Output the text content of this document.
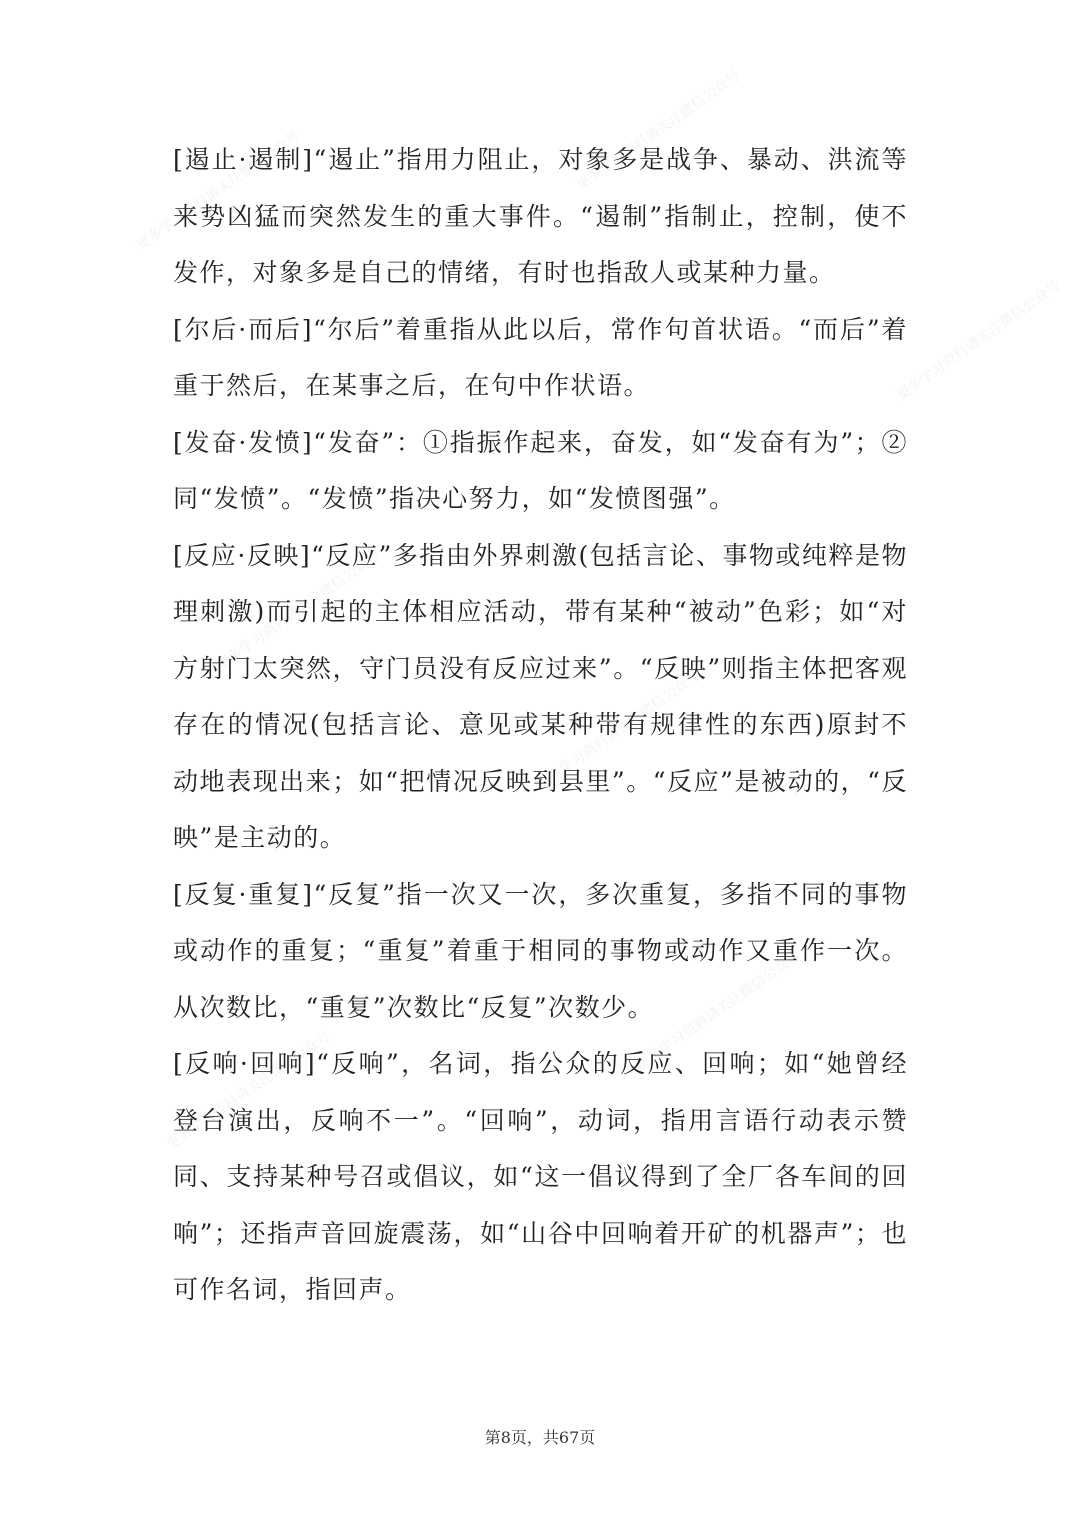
更多学习资料请关注微信公众号	更多学习资料请关注微信公众号
更多学习资料请关注微信公众号
更多学习资料请关注微信公众号
更多学习资料请关注微信公众号
更多学习资料请关注微信公众号
更多学习资料请关注微信公众号

[遏止·遏制]“遏止”指用力阻止，对象多是战争、暴动、洪流等来势凶猛而突然发生的重大事件。“遏制”指制止，控制，使不发作，对象多是自己的情绪，有时也指敌人或某种力量。

[尔后·而后]“尔后”着重指从此以后，常作句首状语。“而后”着重于然后，在某事之后，在句中作状语。

[发奋·发愤]“发奋”：①指振作起来，奋发，如“发奋有为”；②同“发愤”。“发愤”指决心努力，如“发愤图强”。

[反应·反映]“反应”多指由外界刺激(包括言论、事物或纯粹是物理刺激)而引起的主体相应活动，带有某种“被动”色彩；如“对方射门太突然，守门员没有反应过来”。“反映”则指主体把客观存在的情况(包括言论、意见或某种带有规律性的东西)原封不动地表现出来；如“把情况反映到县里”。“反应”是被动的，“反映”是主动的。

[反复·重复]“反复”指一次又一次，多次重复，多指不同的事物或动作的重复；“重复”着重于相同的事物或动作又重作一次。从次数比，“重复”次数比“反复”次数少。

[反响·回响]“反响”，名词，指公众的反应、回响；如“她曾经登台演出，反响不一”。“回响”，动词，指用言语行动表示赞同、支持某种号召或倡议，如“这一倡议得到了全厂各车间的回响”；还指声音回旋震荡，如“山谷中回响着开矿的机器声”；也可作名词，指回声。

第8页，共67页
